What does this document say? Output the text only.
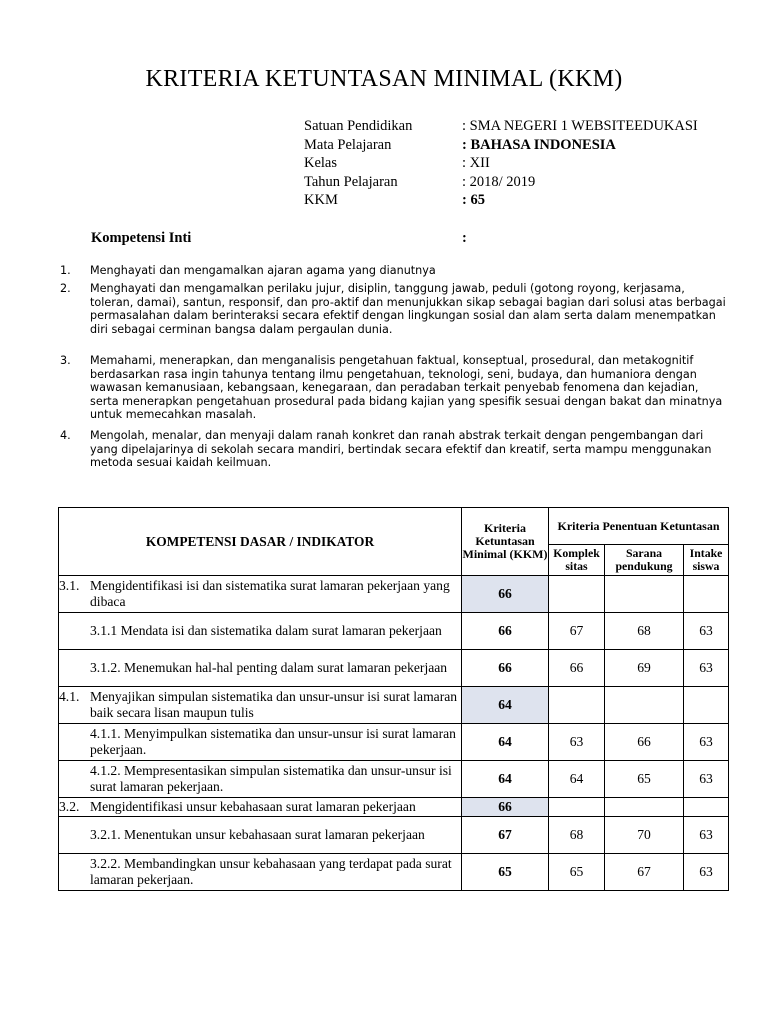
KRITERIA KETUNTASAN MINIMAL (KKM)
Satuan Pendidikan	: SMA NEGERI 1 WEBSITEEDUKASI
Mata Pelajaran	: BAHASA INDONESIA
Kelas	: XII
Tahun Pelajaran	: 2018/ 2019
KKM	: 65
Kompetensi Inti	:
1.	Menghayati dan mengamalkan ajaran agama yang dianutnya
2.	Menghayati dan mengamalkan perilaku jujur, disiplin, tanggung jawab, peduli (gotong royong, kerjasama, toleran, damai), santun, responsif, dan pro-aktif dan menunjukkan sikap sebagai bagian dari solusi atas berbagai permasalahan dalam berinteraksi secara efektif dengan lingkungan sosial dan alam serta dalam menempatkan diri sebagai cerminan bangsa dalam pergaulan dunia.
3.	Memahami, menerapkan, dan menganalisis pengetahuan faktual, konseptual, prosedural, dan metakognitif berdasarkan rasa ingin tahunya tentang ilmu pengetahuan, teknologi, seni, budaya, dan humaniora dengan wawasan kemanusiaan, kebangsaan, kenegaraan, dan peradaban terkait penyebab fenomena dan kejadian, serta menerapkan pengetahuan prosedural pada bidang kajian yang spesifik sesuai dengan bakat dan minatnya untuk memecahkan masalah.
4.	Mengolah, menalar, dan menyaji dalam ranah konkret dan ranah abstrak terkait dengan pengembangan dari yang dipelajarinya di sekolah secara mandiri, bertindak secara efektif dan kreatif, serta mampu menggunakan metoda sesuai kaidah keilmuan.
KOMPETENSI DASAR / INDIKATOR	Kriteria Ketuntasan Minimal (KKM)	Kriteria Penentuan Ketuntasan		
		Komplek sitas	Sarana pendukung	Intake siswa

3.1. Mengidentifikasi isi dan sistematika surat lamaran pekerjaan yang dibaca	66			

3.1.1 Mendata isi dan sistematika dalam surat lamaran pekerjaan	66	67	68	63

3.1.2. Menemukan hal-hal penting dalam surat lamaran pekerjaan	66	66	69	63

4.1. Menyajikan simpulan sistematika dan unsur-unsur isi surat lamaran baik secara lisan maupun tulis	64			

4.1.1. Menyimpulkan sistematika dan unsur-unsur isi surat lamaran pekerjaan.	64	63	66	63

4.1.2. Mempresentasikan simpulan sistematika dan unsur-unsur isi surat lamaran pekerjaan.	64	64	65	63

3.2. Mengidentifikasi unsur kebahasaan surat lamaran pekerjaan	66			

3.2.1. Menentukan unsur kebahasaan surat lamaran pekerjaan	67	68	70	63

3.2.2. Membandingkan unsur kebahasaan yang terdapat pada surat lamaran pekerjaan.	65	65	67	63
